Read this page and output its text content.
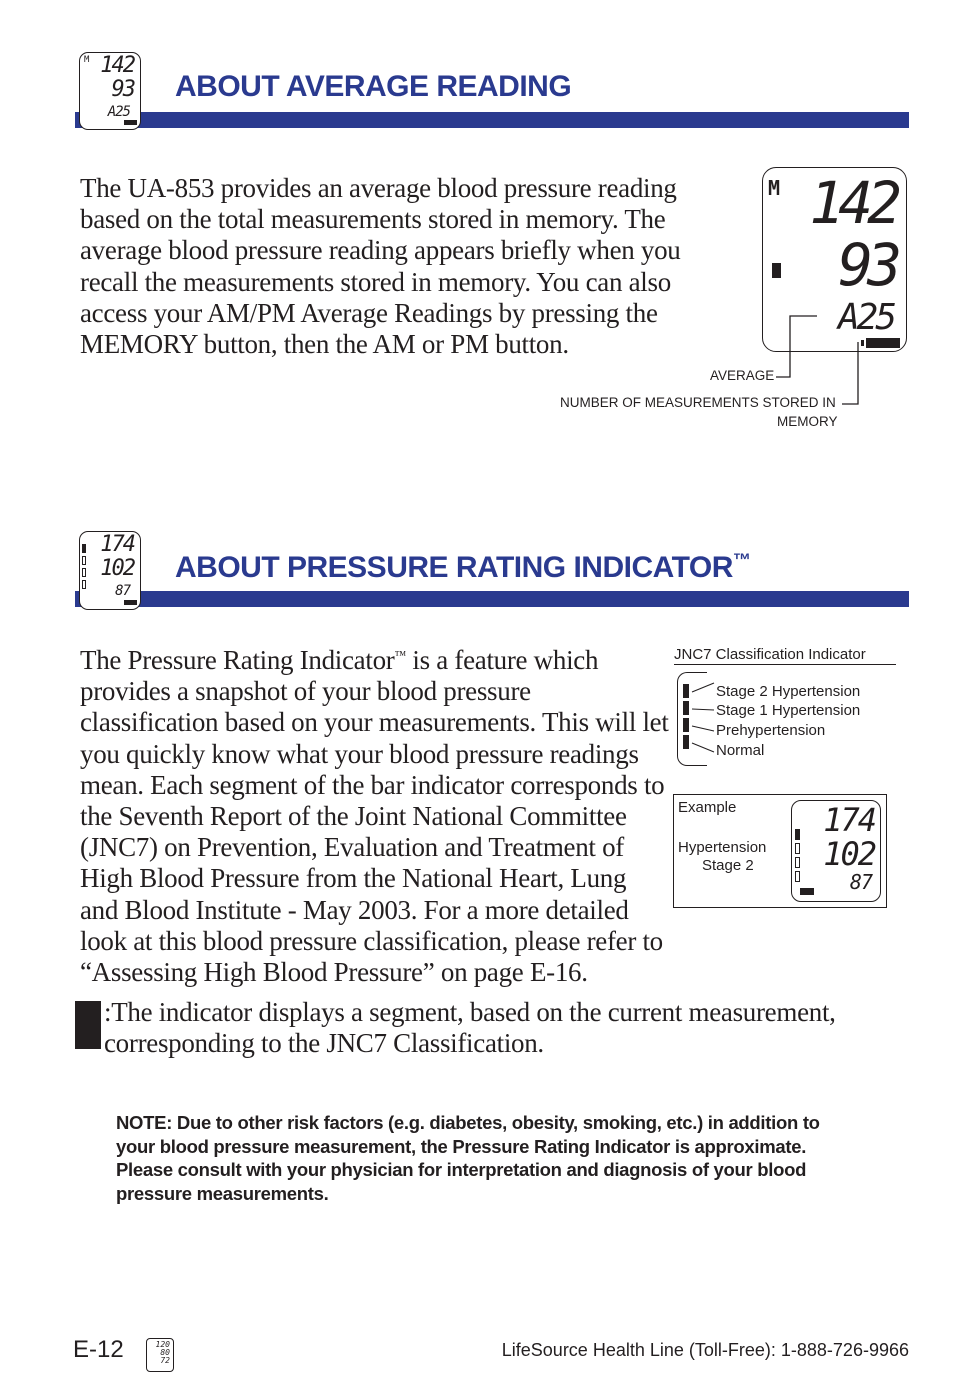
M 142
93
A25
ABOUT AVERAGE READING

The UA-853 provides an average blood pressure reading based on the total measurements stored in memory. The average blood pressure reading appears briefly when you recall the measurements stored in memory. You can also access your AM/PM Average Readings by pressing the MEMORY button, then the AM or PM button.

M 142
93
A25
AVERAGE
NUMBER OF MEASUREMENTS STORED IN
MEMORY
174
102
87
ABOUT PRESSURE RATING INDICATOR™

The Pressure Rating Indicator™ is a feature which provides a snapshot of your blood pressure classification based on your measurements. This will let you quickly know what your blood pressure readings mean. Each segment of the bar indicator corresponds to the Seventh Report of the Joint National Committee (JNC7) on Prevention, Evaluation and Treatment of High Blood Pressure from the National Heart, Lung and Blood Institute - May 2003. For a more detailed look at this blood pressure classification, please refer to “Assessing High Blood Pressure” on page E-16.

JNC7 Classification Indicator
Stage 2 Hypertension
Stage 1 Hypertension
Prehypertension
Normal
Example
Hypertension
Stage 2
174
102
87

:The indicator displays a segment, based on the current measurement, corresponding to the JNC7 Classification.

NOTE: Due to other risk factors (e.g. diabetes, obesity, smoking, etc.) in addition to your blood pressure measurement, the Pressure Rating Indicator is approximate. Please consult with your physician for interpretation and diagnosis of your blood pressure measurements.

E-12	120
80
72
LifeSource Health Line (Toll-Free): 1-888-726-9966
